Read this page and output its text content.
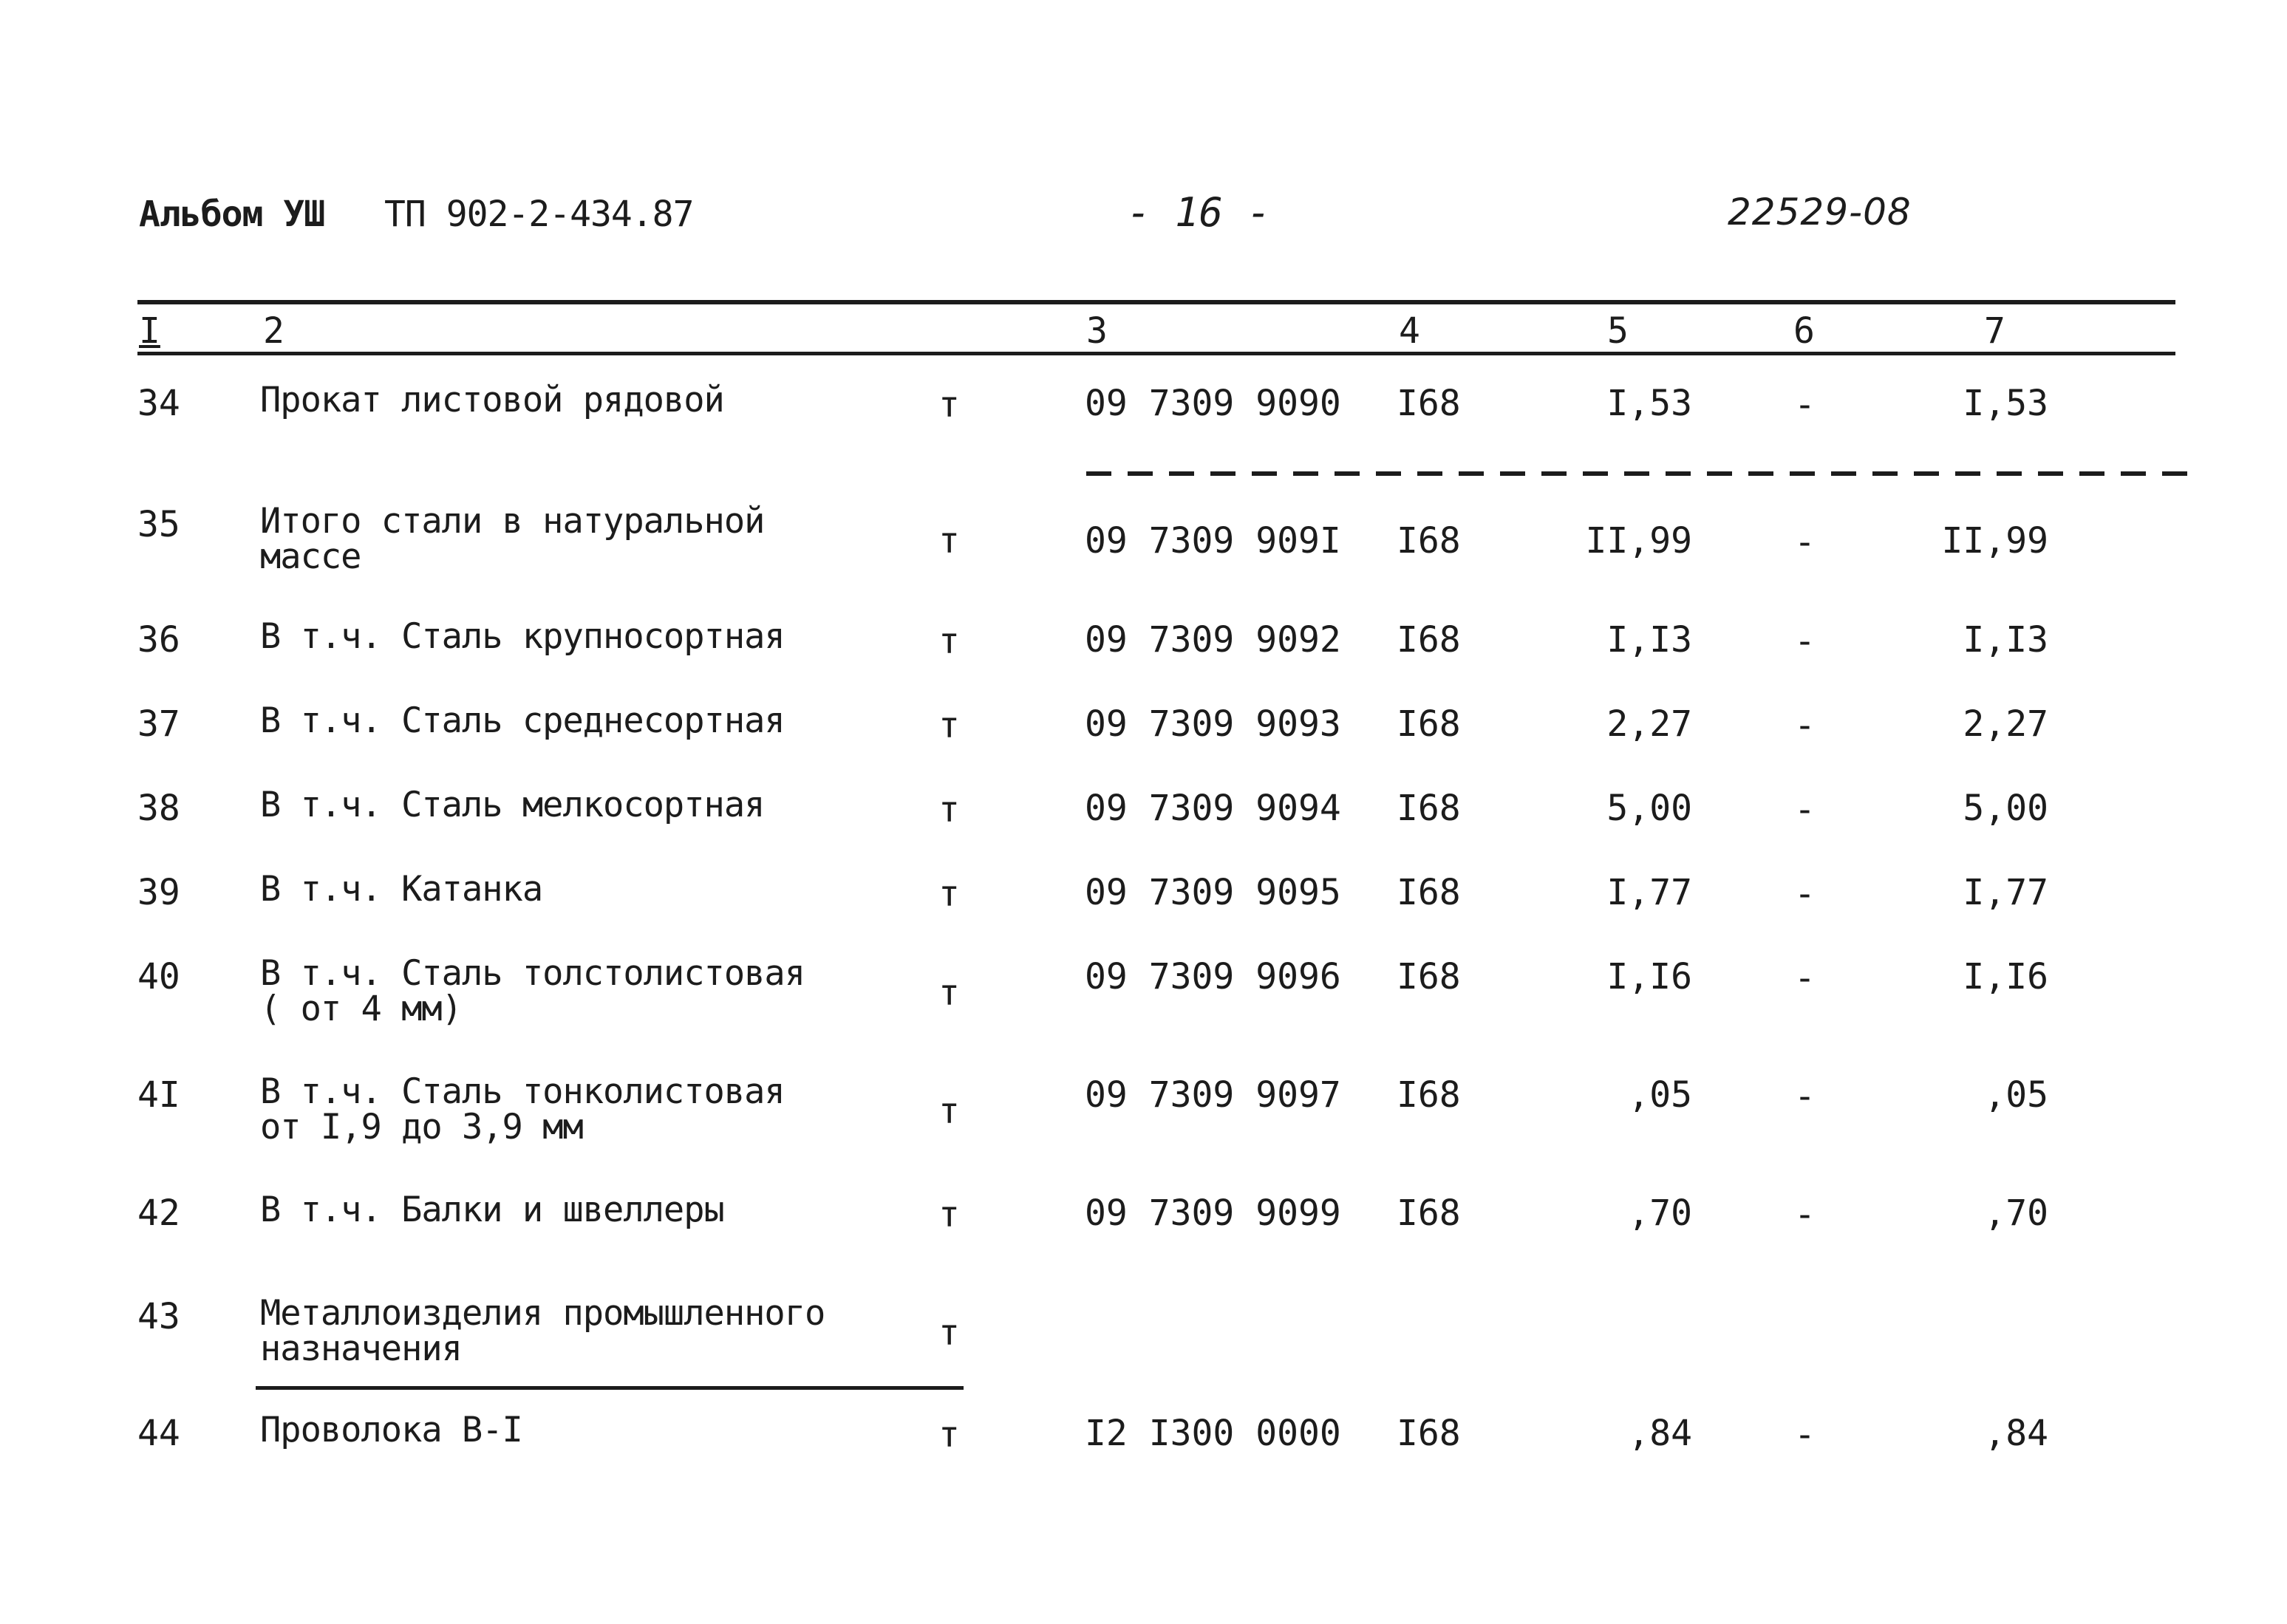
Альбом УШ ТП 902-2-434.87	- 16 -	22529-08
I	2	3	4	5	6	7
34 Прокат листовой рядовой	т	09 7309 9090 I68	I,53	-	I,53
35 Итого стали в натуральной
массе	т	09 7309 909I I68	II,99	-	II,99
36 В т.ч. Сталь крупносортная	т	09 7309 9092 I68	I,I3	-	I,I3
37 В т.ч. Сталь среднесортная	т	09 7309 9093 I68	2,27	-	2,27
38 В т.ч. Сталь мелкосортная	т	09 7309 9094 I68	5,00	-	5,00
39 В т.ч. Катанка	т	09 7309 9095 I68	I,77	-	I,77
40 В т.ч. Сталь толстолистовая
( от 4 мм)	т	09 7309 9096 I68	I,I6	-	I,I6
4I В т.ч. Сталь тонколистовая
от I,9 до 3,9 мм	т	09 7309 9097 I68	,05	-	,05
42 В т.ч. Балки и швеллеры	т	09 7309 9099 I68	,70	-	,70
43 Металлоизделия промышленного
назначения	т
44 Проволока В-I	т	I2 I300 0000 I68	,84	-	,84
